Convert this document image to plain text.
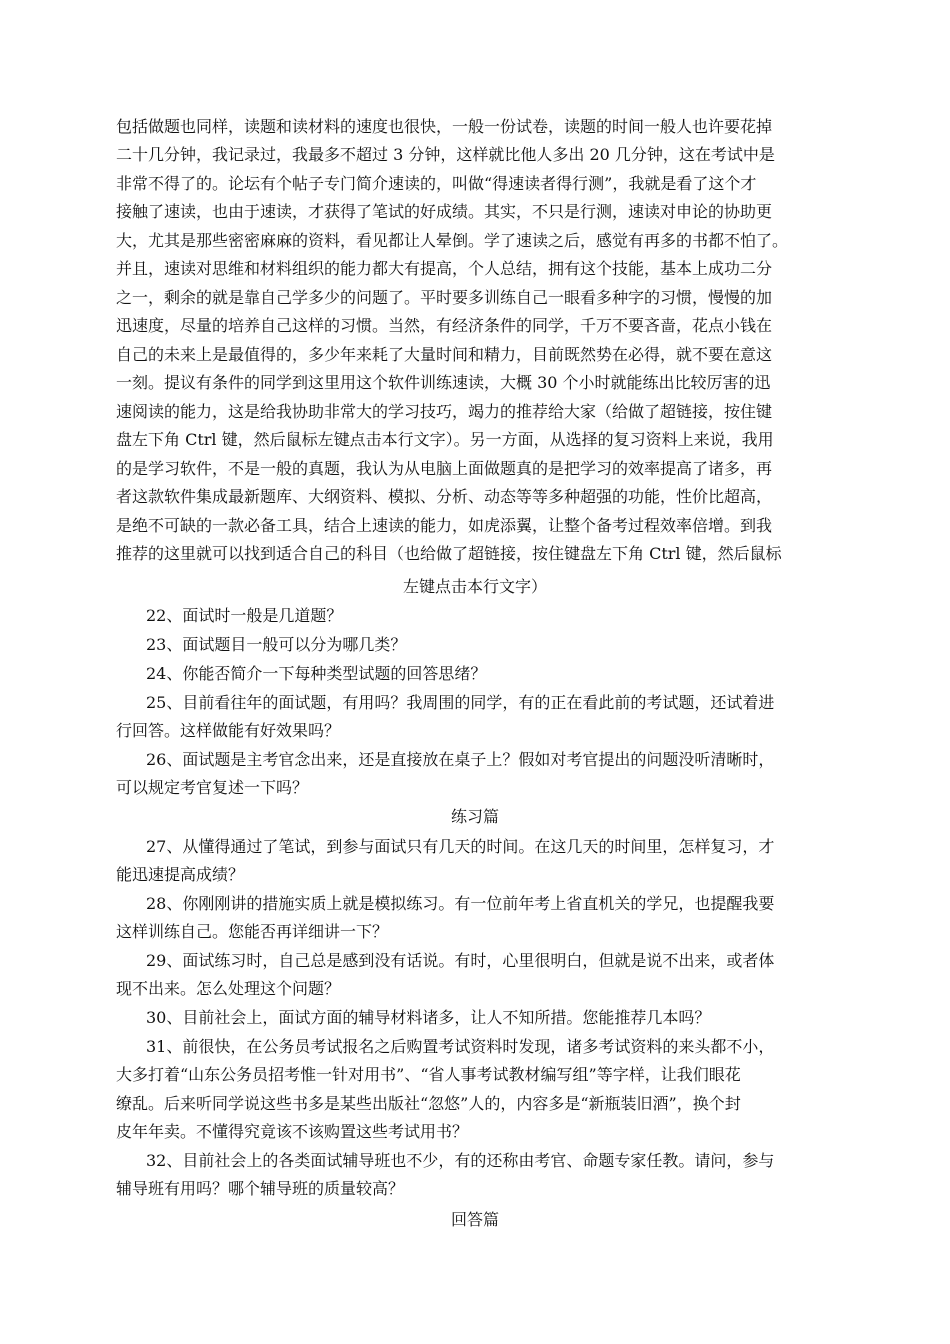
包括做题也同样，读题和读材料的速度也很快，一般一份试卷，读题的时间一般人也许要花掉
二十几分钟，我记录过，我最多不超过 3 分钟，这样就比他人多出 20 几分钟，这在考试中是
非常不得了的。论坛有个帖子专门简介速读的，叫做“得速读者得行测”，我就是看了这个才
接触了速读，也由于速读，才获得了笔试的好成绩。其实，不只是行测，速读对申论的协助更
大，尤其是那些密密麻麻的资料，看见都让人晕倒。学了速读之后，感觉有再多的书都不怕了。
并且，速读对思维和材料组织的能力都大有提高，个人总结，拥有这个技能，基本上成功二分
之一，剩余的就是靠自己学多少的问题了。平时要多训练自己一眼看多种字的习惯，慢慢的加
迅速度，尽量的培养自己这样的习惯。当然，有经济条件的同学，千万不要吝啬，花点小钱在
自己的未来上是最值得的，多少年来耗了大量时间和精力，目前既然势在必得，就不要在意这
一刻。提议有条件的同学到这里用这个软件训练速读，大概 30 个小时就能练出比较厉害的迅
速阅读的能力，这是给我协助非常大的学习技巧，竭力的推荐给大家（给做了超链接，按住键
盘左下角 Ctrl 键，然后鼠标左键点击本行文字）。另一方面，从选择的复习资料上来说，我用
的是学习软件，不是一般的真题，我认为从电脑上面做题真的是把学习的效率提高了诸多，再
者这款软件集成最新题库、大纲资料、模拟、分析、动态等等多种超强的功能，性价比超高，
是绝不可缺的一款必备工具，结合上速读的能力，如虎添翼，让整个备考过程效率倍增。到我
推荐的这里就可以找到适合自己的科目（也给做了超链接，按住键盘左下角 Ctrl 键，然后鼠标
左键点击本行文字）
22、面试时一般是几道题？
23、面试题目一般可以分为哪几类？
24、你能否简介一下每种类型试题的回答思绪？
25、目前看往年的面试题，有用吗？我周围的同学，有的正在看此前的考试题，还试着进
行回答。这样做能有好效果吗？
26、面试题是主考官念出来，还是直接放在桌子上？假如对考官提出的问题没听清晰时，
可以规定考官复述一下吗？
练习篇
27、从懂得通过了笔试，到参与面试只有几天的时间。在这几天的时间里，怎样复习，才
能迅速提高成绩？
28、你刚刚讲的措施实质上就是模拟练习。有一位前年考上省直机关的学兄，也提醒我要
这样训练自己。您能否再详细讲一下？
29、面试练习时，自己总是感到没有话说。有时，心里很明白，但就是说不出来，或者体
现不出来。怎么处理这个问题？
30、目前社会上，面试方面的辅导材料诸多，让人不知所措。您能推荐几本吗？
31、前很快，在公务员考试报名之后购置考试资料时发现，诸多考试资料的来头都不小，
大多打着“山东公务员招考惟一针对用书”、“省人事考试教材编写组”等字样，让我们眼花
缭乱。后来听同学说这些书多是某些出版社“忽悠”人的，内容多是“新瓶装旧酒”，换个封
皮年年卖。不懂得究竟该不该购置这些考试用书？
32、目前社会上的各类面试辅导班也不少，有的还称由考官、命题专家任教。请问，参与
辅导班有用吗？哪个辅导班的质量较高？
回答篇
